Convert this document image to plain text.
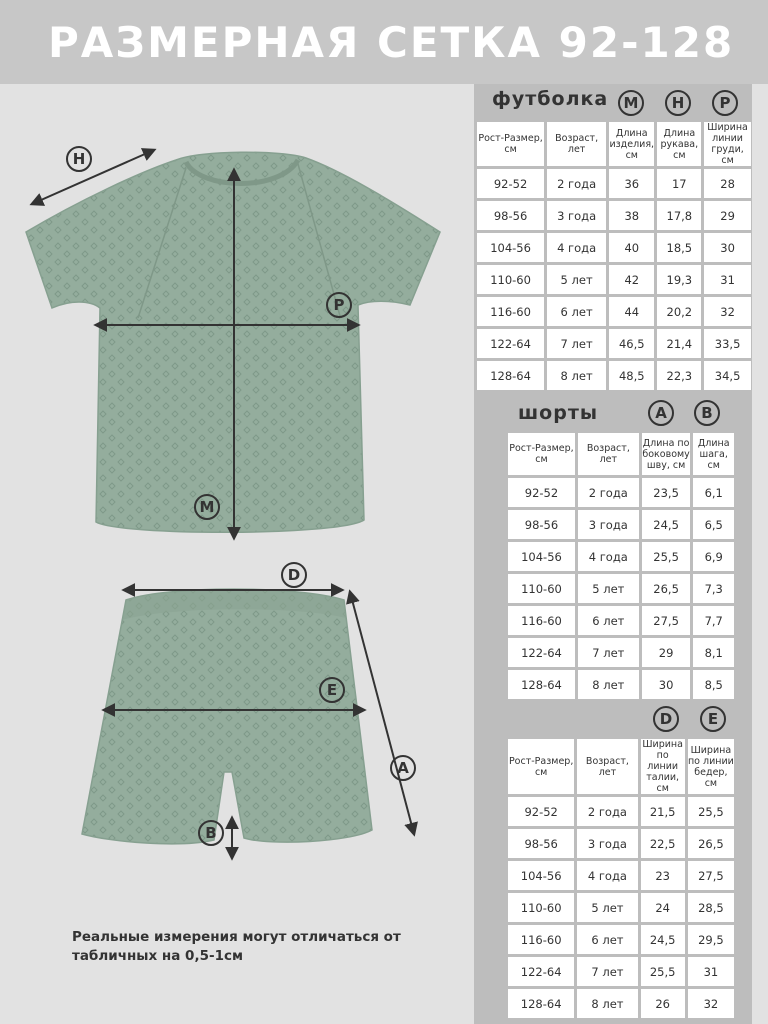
РАЗМЕРНАЯ СЕТКА 92-128
H
P
M
D
E
A
B
Реальные измерения могут отличаться от табличных на 0,5-1см
футболка	M	H	P
Рост-Размер, см	Возраст, лет	Длина изделия, см	Длина рукава, см	Ширина линии груди, см
92-52	2 года	36	17	28
98-56	3 года	38	17,8	29
104-56	4 года	40	18,5	30
110-60	5 лет	42	19,3	31
116-60	6 лет	44	20,2	32
122-64	7 лет	46,5	21,4	33,5
128-64	8 лет	48,5	22,3	34,5
шорты	A	B
Рост-Размер, см	Возраст, лет	Длина по боковому шву, см	Длина шага, см
92-52	2 года	23,5	6,1
98-56	3 года	24,5	6,5
104-56	4 года	25,5	6,9
110-60	5 лет	26,5	7,3
116-60	6 лет	27,5	7,7
122-64	7 лет	29	8,1
128-64	8 лет	30	8,5
D	E
Рост-Размер, см	Возраст, лет	Ширина по линии талии, см	Ширина по линии бедер, см
92-52	2 года	21,5	25,5
98-56	3 года	22,5	26,5
104-56	4 года	23	27,5
110-60	5 лет	24	28,5
116-60	6 лет	24,5	29,5
122-64	7 лет	25,5	31
128-64	8 лет	26	32
